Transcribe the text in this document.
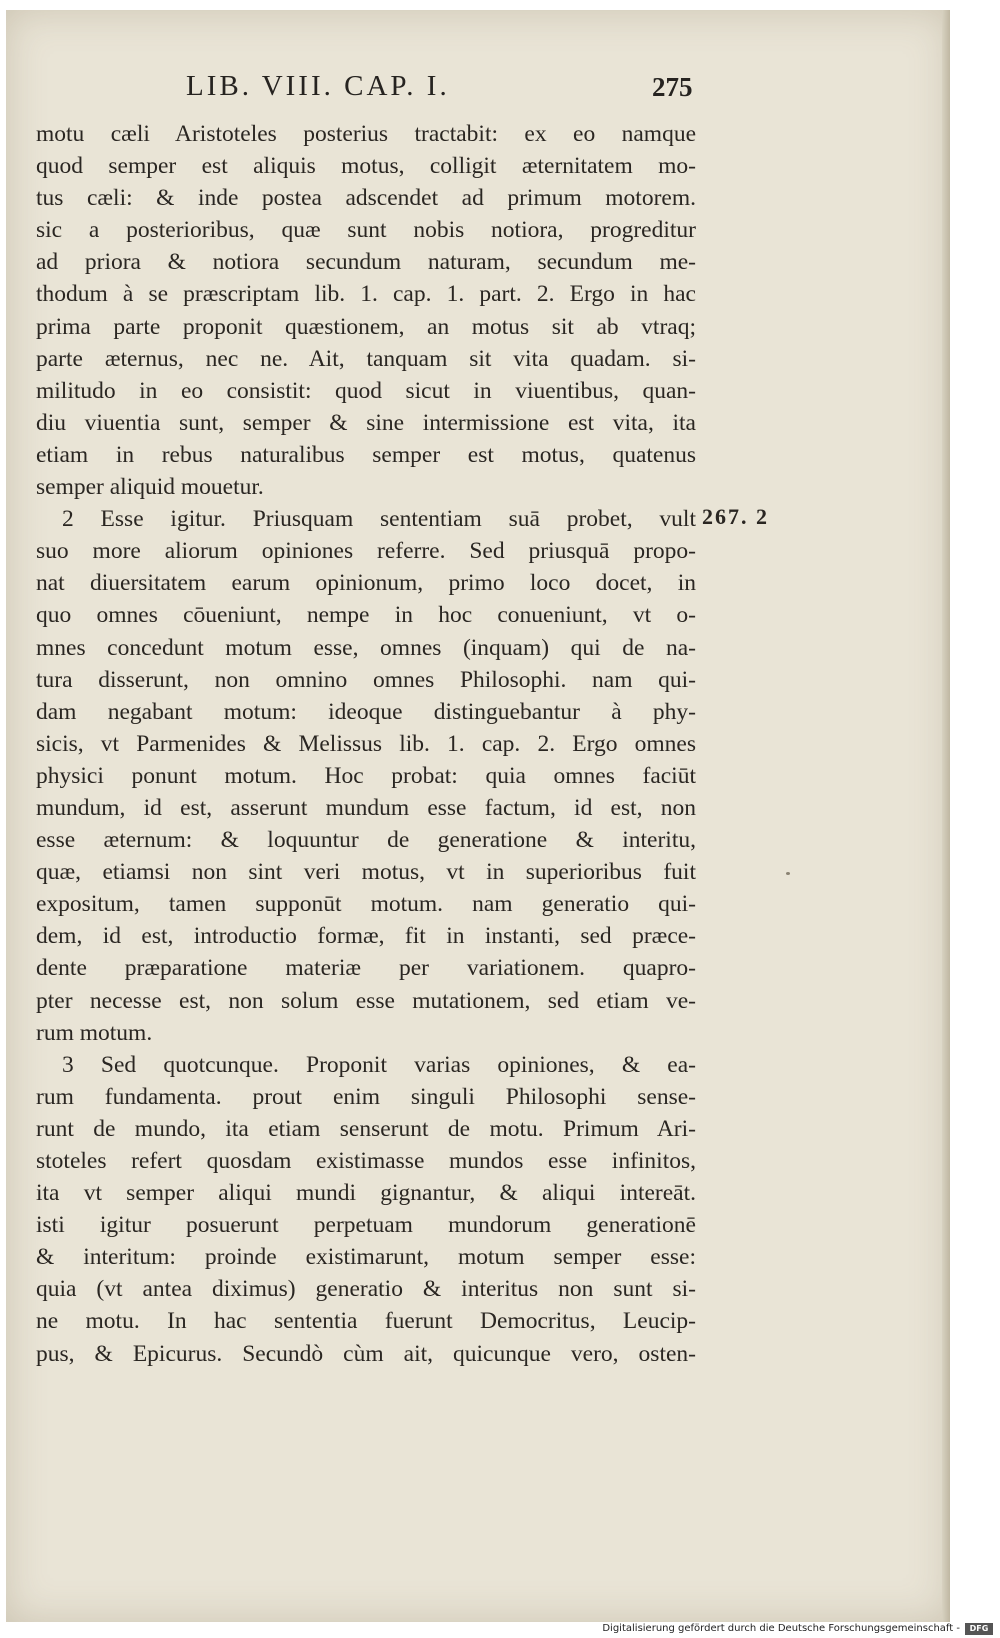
LIB. VIII. CAP. I.	275
motu cæli Aristoteles posterius tractabit: ex eo namque
quod semper est aliquis motus, colligit æternitatem mo-
tus cæli: & inde postea adscendet ad primum motorem.
sic a posterioribus, quæ sunt nobis notiora, progreditur
ad priora & notiora secundum naturam, secundum me-
thodum à se præscriptam lib. 1. cap. 1. part. 2. Ergo in hac
prima parte proponit quæstionem, an motus sit ab vtraq;
parte æternus, nec ne. Ait, tanquam sit vita quadam. si-
militudo in eo consistit: quod sicut in viuentibus, quan-
diu viuentia sunt, semper & sine intermissione est vita, ita
etiam in rebus naturalibus semper est motus, quatenus
semper aliquid mouetur.
2 Esse igitur. Priusquam sententiam suā probet, vult
suo more aliorum opiniones referre. Sed priusquā propo-
nat diuersitatem earum opinionum, primo loco docet, in
quo omnes cōueniunt, nempe in hoc conueniunt, vt o-
mnes concedunt motum esse, omnes (inquam) qui de na-
tura disserunt, non omnino omnes Philosophi. nam qui-
dam negabant motum: ideoque distinguebantur à phy-
sicis, vt Parmenides & Melissus lib. 1. cap. 2. Ergo omnes
physici ponunt motum. Hoc probat: quia omnes faciūt
mundum, id est, asserunt mundum esse factum, id est, non
esse æternum: & loquuntur de generatione & interitu,
quæ, etiamsi non sint veri motus, vt in superioribus fuit
expositum, tamen supponūt motum. nam generatio qui-
dem, id est, introductio formæ, fit in instanti, sed præce-
dente præparatione materiæ per variationem. quapro-
pter necesse est, non solum esse mutationem, sed etiam ve-
rum motum.
3 Sed quotcunque. Proponit varias opiniones, & ea-
rum fundamenta. prout enim singuli Philosophi sense-
runt de mundo, ita etiam senserunt de motu. Primum Ari-
stoteles refert quosdam existimasse mundos esse infinitos,
ita vt semper aliqui mundi gignantur, & aliqui intereāt.
isti igitur posuerunt perpetuam mundorum generationē
& interitum: proinde existimarunt, motum semper esse:
quia (vt antea diximus) generatio & interitus non sunt si-
ne motu. In hac sententia fuerunt Democritus, Leucip-
pus, & Epicurus. Secundò cùm ait, quicunque vero, osten-
267. 2
Digitalisierung gefördert durch die Deutsche Forschungsgemeinschaft -	DFG
